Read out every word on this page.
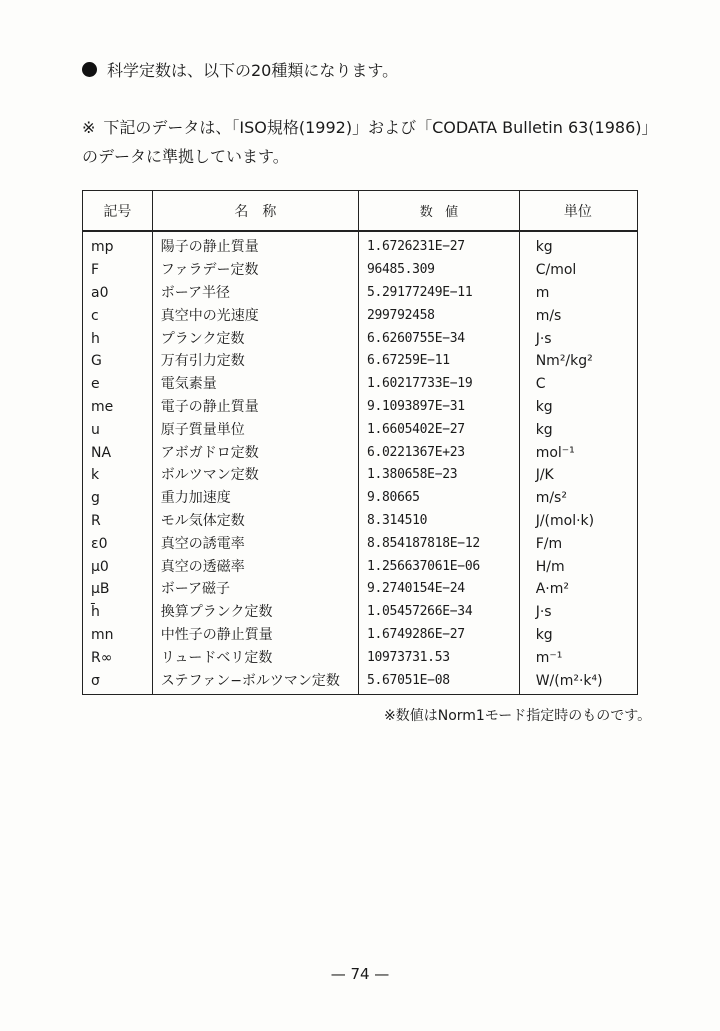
科学定数は、以下の20種類になります。
※ 下記のデータは、「ISO規格(1992)」および「CODATA Bulletin 63(1986)」のデータに準拠しています。
記号	名　称	数　値	単位
mp	陽子の静止質量	1.6726231E−27	kg
F	ファラデー定数	96485.309	C/mol
a0	ボーア半径	5.29177249E−11	m
c	真空中の光速度	299792458	m/s
h	プランク定数	6.6260755E−34	J·s
G	万有引力定数	6.67259E−11	Nm²/kg²
e	電気素量	1.60217733E−19	C
me	電子の静止質量	9.1093897E−31	kg
u	原子質量単位	1.6605402E−27	kg
NA	アボガドロ定数	6.0221367E+23	mol⁻¹
k	ボルツマン定数	1.380658E−23	J/K
g	重力加速度	9.80665	m/s²
R	モル気体定数	8.314510	J/(mol·k)
ε0	真空の誘電率	8.854187818E−12	F/m
μ0	真空の透磁率	1.256637061E−06	H/m
μB	ボーア磁子	9.2740154E−24	A·m²
h̄	換算プランク定数	1.05457266E−34	J·s
mn	中性子の静止質量	1.6749286E−27	kg
R∞	リュードベリ定数	10973731.53	m⁻¹
σ	ステファン−ボルツマン定数	5.67051E−08	W/(m²·k⁴)
※数値はNorm1モード指定時のものです。
— 74 —
